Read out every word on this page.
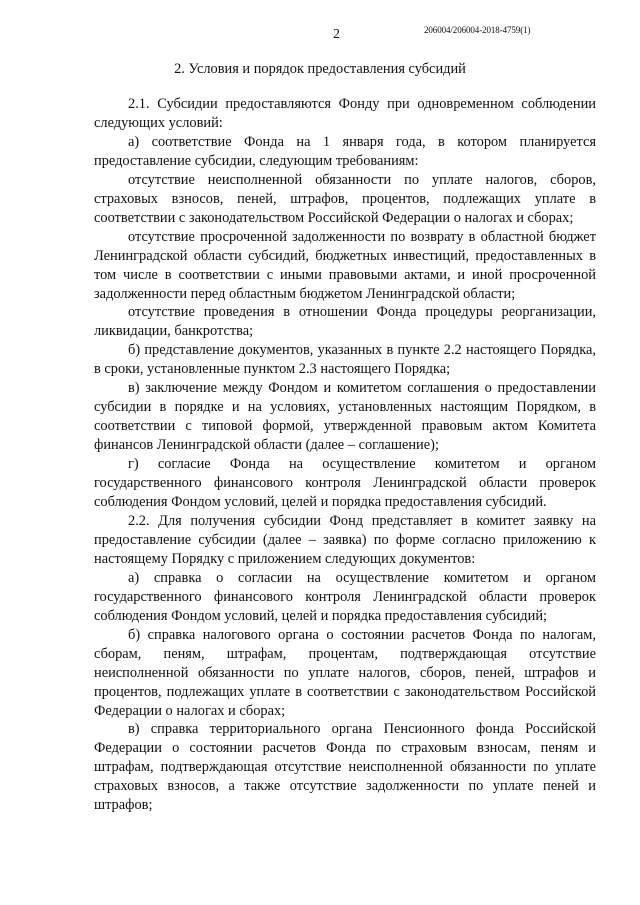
2	206004/206004-2018-4759(1)
2. Условия и порядок предоставления субсидий

2.1. Субсидии предоставляются Фонду при одновременном соблюдении следующих условий:

а) соответствие Фонда на 1 января года, в котором планируется предоставление субсидии, следующим требованиям:

отсутствие неисполненной обязанности по уплате налогов, сборов, страховых взносов, пеней, штрафов, процентов, подлежащих уплате в соответствии с законодательством Российской Федерации о налогах и сборах;

отсутствие просроченной задолженности по возврату в областной бюджет Ленинградской области субсидий, бюджетных инвестиций, предоставленных в том числе в соответствии с иными правовыми актами, и иной просроченной задолженности перед областным бюджетом Ленинградской области;

отсутствие проведения в отношении Фонда процедуры реорганизации, ликвидации, банкротства;

б) представление документов, указанных в пункте 2.2 настоящего Порядка, в сроки, установленные пунктом 2.3 настоящего Порядка;

в) заключение между Фондом и комитетом соглашения о предоставлении субсидии в порядке и на условиях, установленных настоящим Порядком, в соответствии с типовой формой, утвержденной правовым актом Комитета финансов Ленинградской области (далее – соглашение);

г) согласие Фонда на осуществление комитетом и органом государственного финансового контроля Ленинградской области проверок соблюдения Фондом условий, целей и порядка предоставления субсидий.

2.2. Для получения субсидии Фонд представляет в комитет заявку на предоставление субсидии (далее – заявка) по форме согласно приложению к настоящему Порядку с приложением следующих документов:

а) справка о согласии на осуществление комитетом и органом государственного финансового контроля Ленинградской области проверок соблюдения Фондом условий, целей и порядка предоставления субсидий;

б) справка налогового органа о состоянии расчетов Фонда по налогам, сборам, пеням, штрафам, процентам, подтверждающая отсутствие неисполненной обязанности по уплате налогов, сборов, пеней, штрафов и процентов, подлежащих уплате в соответствии с законодательством Российской Федерации о налогах и сборах;

в) справка территориального органа Пенсионного фонда Российской Федерации о состоянии расчетов Фонда по страховым взносам, пеням и штрафам, подтверждающая отсутствие неисполненной обязанности по уплате страховых взносов, а также отсутствие задолженности по уплате пеней и штрафов;
